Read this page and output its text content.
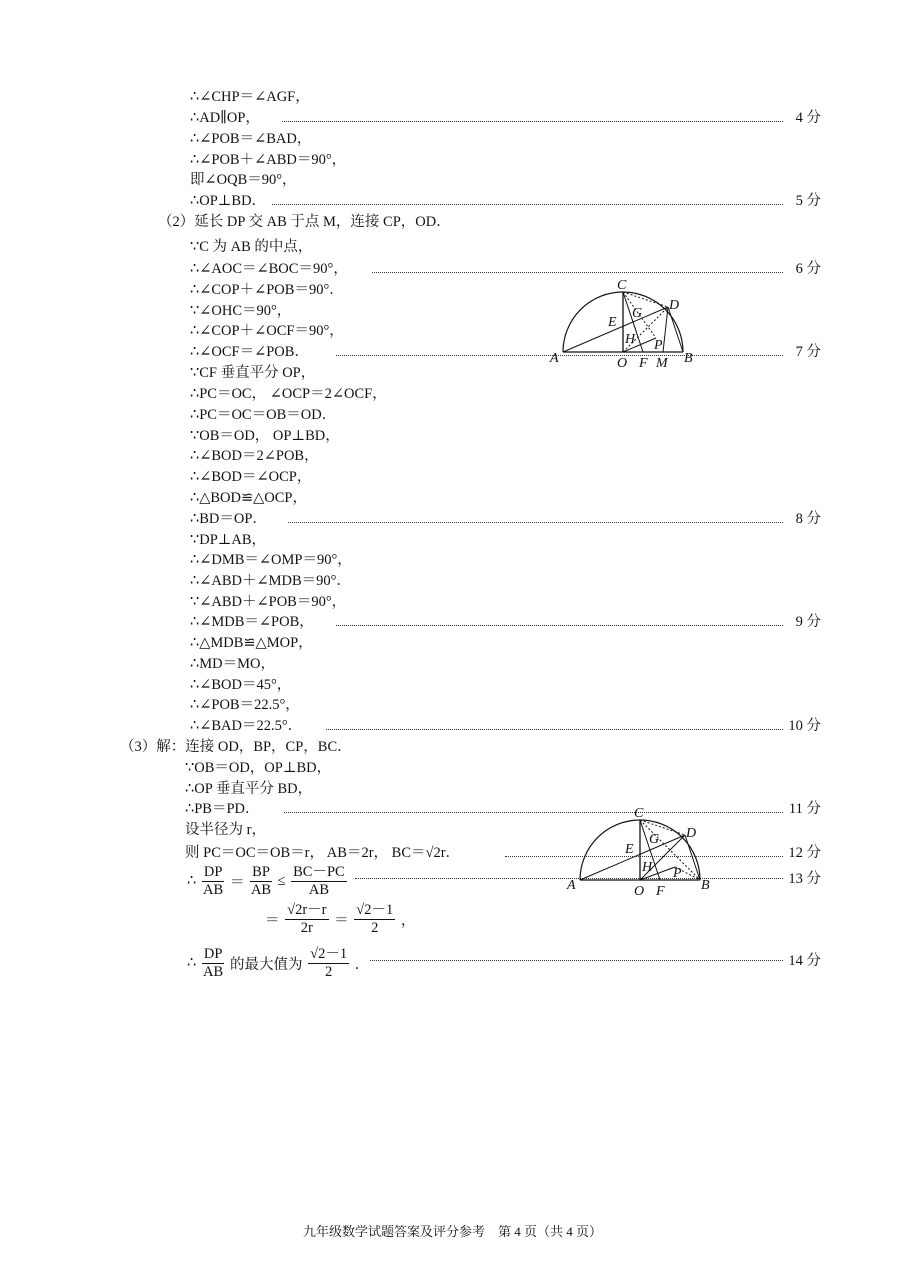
∴∠CHP＝∠AGF，
∴AD∥OP，	4 分
∴∠POB＝∠BAD，
∴∠POB＋∠ABD＝90°，
即∠OQB＝90°，
∴OP⊥BD．	5 分
（2）延长 DP 交 AB 于点 M，连接 CP，OD．
∵C 为 AB 的中点，
∴∠AOC＝∠BOC＝90°，	6 分
∴∠COP＋∠POB＝90°．
∵∠OHC＝90°，
∴∠COP＋∠OCF＝90°，
∴∠OCF＝∠POB．	7 分
∵CF 垂直平分 OP，
∴PC＝OC， ∠OCP＝2∠OCF，
∴PC＝OC＝OB＝OD．
∵OB＝OD， OP⊥BD，
∴∠BOD＝2∠POB，
∴∠BOD＝∠OCP，
∴△BOD≌△OCP，
∴BD＝OP．	8 分
∵DP⊥AB，
∴∠DMB＝∠OMP＝90°，
∴∠ABD＋∠MDB＝90°．
∵∠ABD＋∠POB＝90°，
∴∠MDB＝∠POB，	9 分
∴△MDB≌△MOP，
∴MD＝MO，
∴∠BOD＝45°，
∴∠POB＝22.5°，
∴∠BAD＝22.5°．	10 分
（3）解：连接 OD，BP，CP，BC．
∵OB＝OD，OP⊥BD，
∴OP 垂直平分 BD，
∴PB＝PD．	11 分
设半径为 r，
则 PC＝OC＝OB＝r， AB＝2r， BC＝√2r．	12 分
∴ $\frac{DP}{AB} = \frac{BP}{AB} \le \frac{BC-PC}{AB}$	13 分
＝ $\frac{√2r-r}{2r} = \frac{√2-1}{2}$ ，
∴ $\frac{DP}{AB}$ 的最大值为 $\frac{√2-1}{2}$ ．	14 分
C
D
E
G
H P
A	O F M B
C
D
G
E
H P
A	O F	B
九年级数学试题答案及评分参考　第 4 页（共 4 页）
